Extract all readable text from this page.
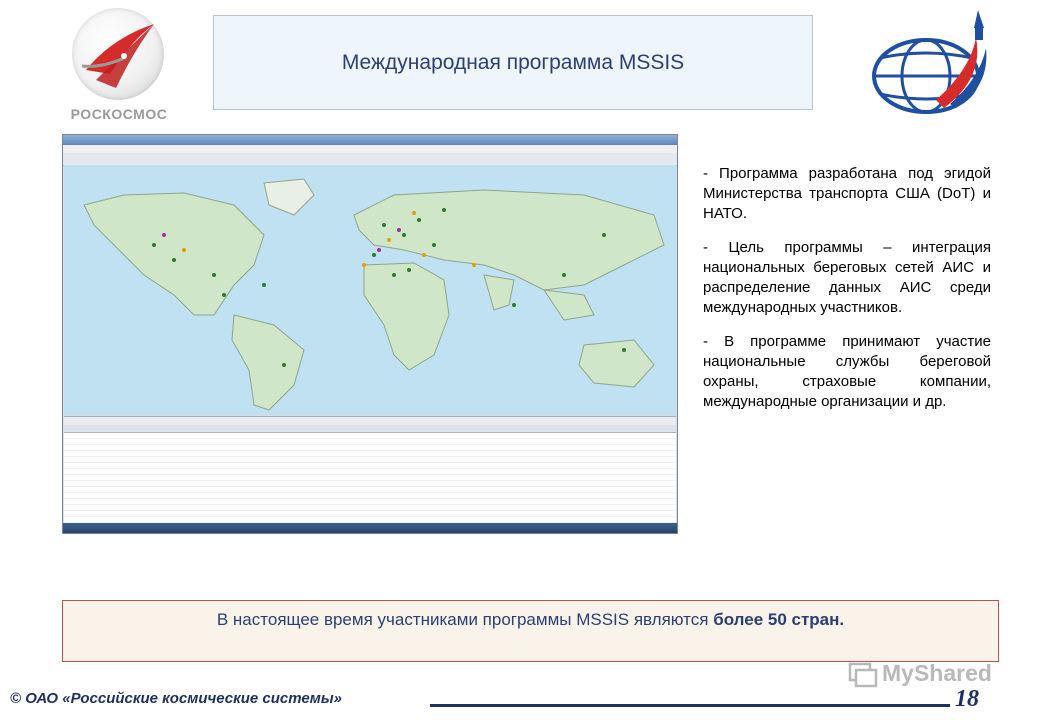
РОСКОСМОС
Международная программа MSSIS

- Программа разработана под эгидой Министерства транспорта США (DoT) и НАТО.

- Цель программы – интеграция национальных береговых сетей АИС и распределение данных АИС среди международных участников.

- В программе принимают участие национальные службы береговой охраны, страховые компании, международные организации и др.

В настоящее время участниками программы MSSIS являются более 50 стран.
MyShared
© ОАО «Российские космические системы»	18
